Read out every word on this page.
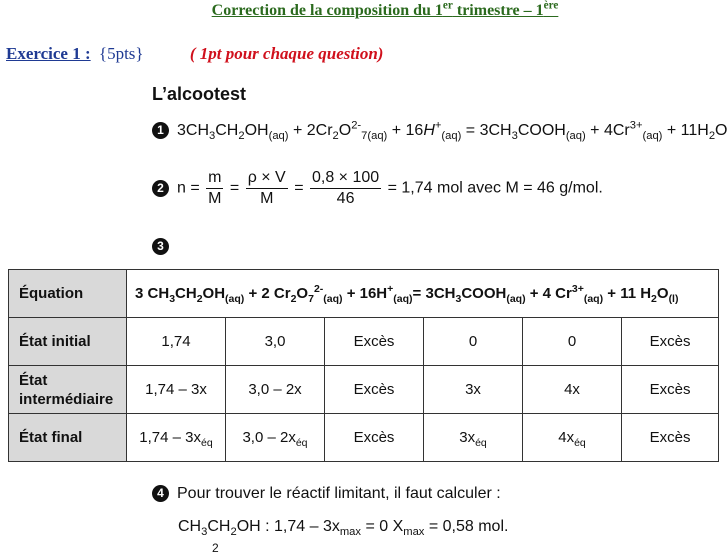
Correction de la composition du 1er trimestre – 1ère
Exercice 1 : {5pts}	( 1pt pour chaque question)
L’alcootest
1 $3CH_3CH_2OH_{(aq)} + 2Cr_2O^{2-}_{7(aq)} + 16H^+_{(aq)}$ = $3CH_3COOH_{(aq)} + 4Cr^{3+}_{(aq)} + 11H_2O$
2 $n = \frac{m}{M} = \frac{\rho \times V}{M} = \frac{0,8 \times 100}{46} = 1,74$ mol avec M = 46 g/mol.
3
Équation	3 $CH_3CH_2OH_{(aq)} + 2$ $Cr_2O_7^{2-}_{(aq)} + 16H^+_{(aq)}=$ $3CH_3COOH_{(aq)} + 4$ $Cr^{3+}_{(aq)} + 11$ $H_2O_{(l)}$
État initial	1,74	3,0	Excès	0	0	Excès
État intermédiaire	1,74 – 3x	3,0 – 2x	Excès	3x	4x	Excès
État final	$1,74 - 3x_{éq}$	$3,0 - 2x_{éq}$	Excès	$3x_{éq}$	$4x_{éq}$	Excès
4 Pour trouver le réactif limitant, il faut calculer :
$CH_3CH_2OH$ : $1,74 - 3x_{max} = 0$ $X_{max} = 0,58$ mol.
2
